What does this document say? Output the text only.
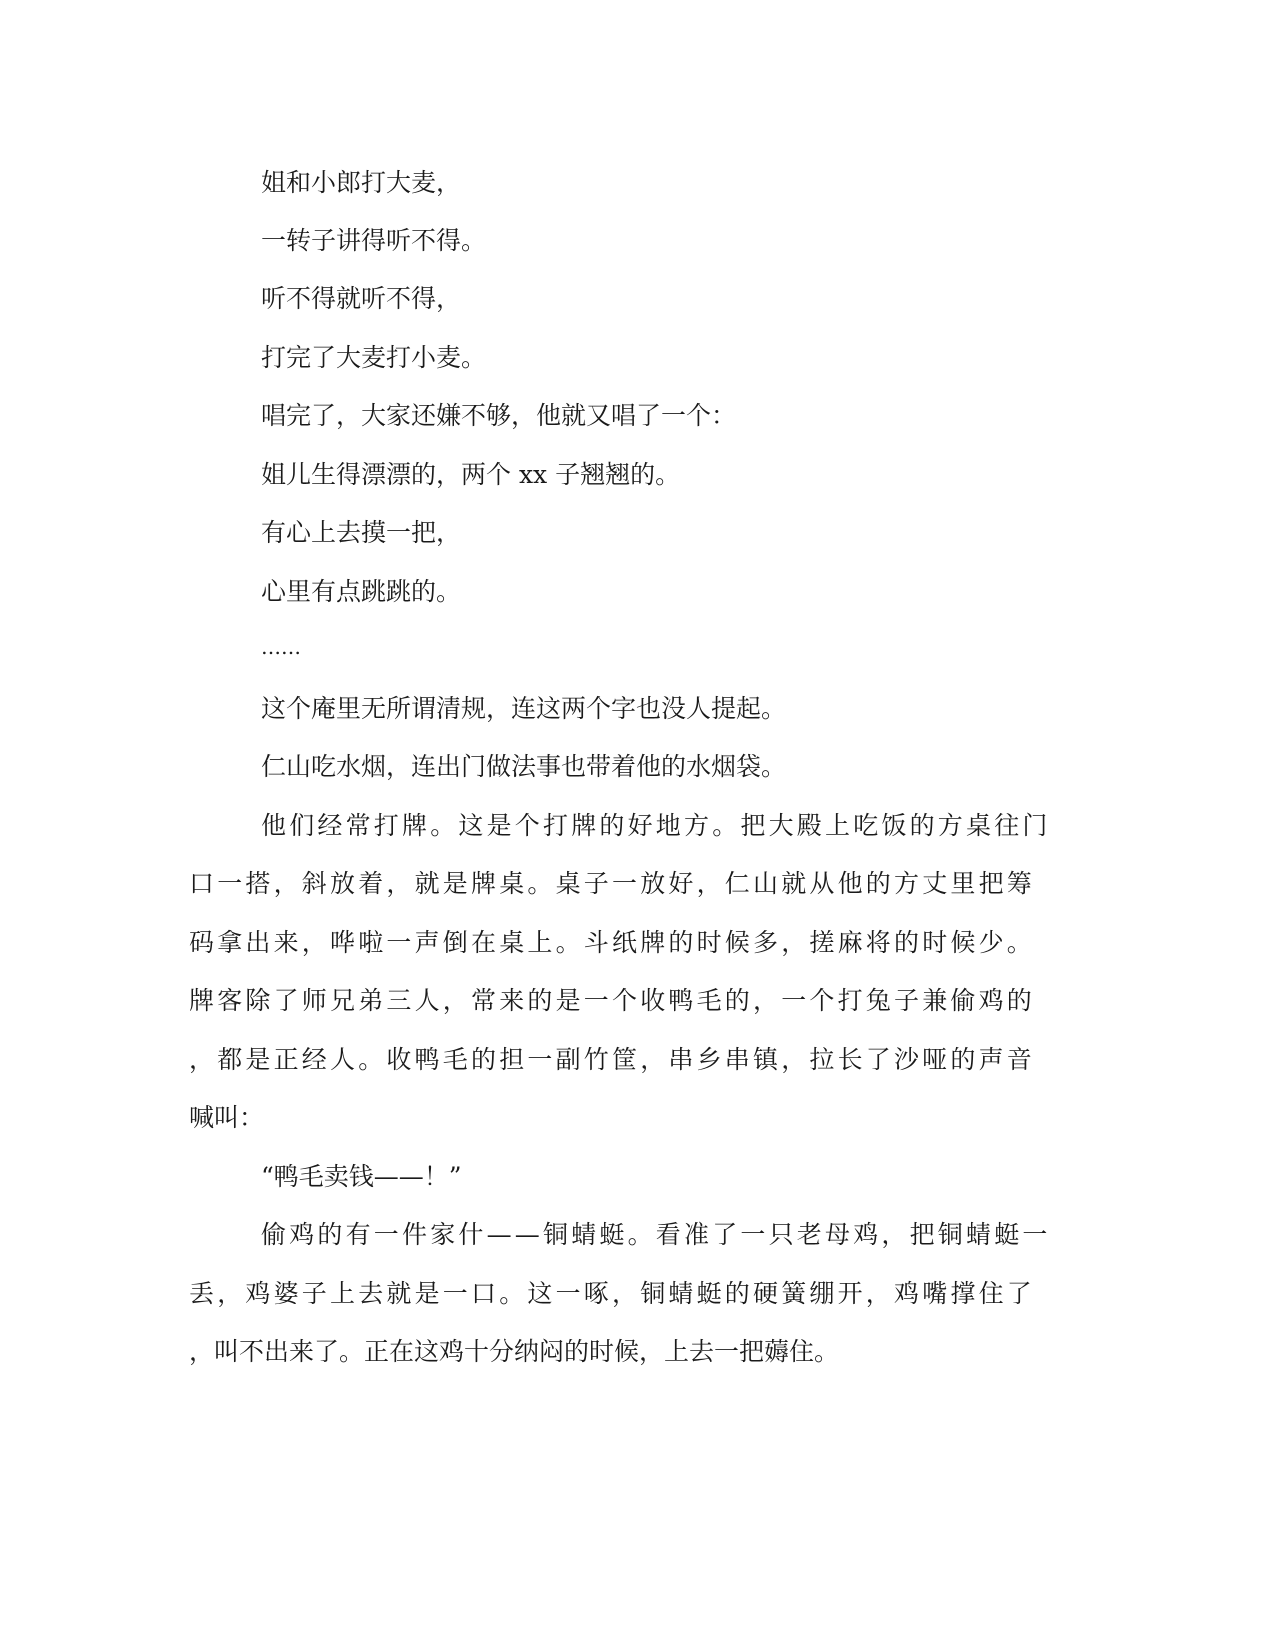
姐和小郎打大麦，

一转子讲得听不得。

听不得就听不得，

打完了大麦打小麦。

唱完了，大家还嫌不够，他就又唱了一个：

姐儿生得漂漂的，两个 xx 子翘翘的。

有心上去摸一把，

心里有点跳跳的。

……

这个庵里无所谓清规，连这两个字也没人提起。

仁山吃水烟，连出门做法事也带着他的水烟袋。

他们经常打牌。这是个打牌的好地方。把大殿上吃饭的方桌往门

口一搭，斜放着，就是牌桌。桌子一放好，仁山就从他的方丈里把筹

码拿出来，哗啦一声倒在桌上。斗纸牌的时候多，搓麻将的时候少。

牌客除了师兄弟三人，常来的是一个收鸭毛的，一个打兔子兼偷鸡的

，都是正经人。收鸭毛的担一副竹筐，串乡串镇，拉长了沙哑的声音

喊叫：

“鸭毛卖钱——！”

偷鸡的有一件家什——铜蜻蜓。看准了一只老母鸡，把铜蜻蜓一

丢，鸡婆子上去就是一口。这一啄，铜蜻蜓的硬簧绷开，鸡嘴撑住了

，叫不出来了。正在这鸡十分纳闷的时候，上去一把薅住。
